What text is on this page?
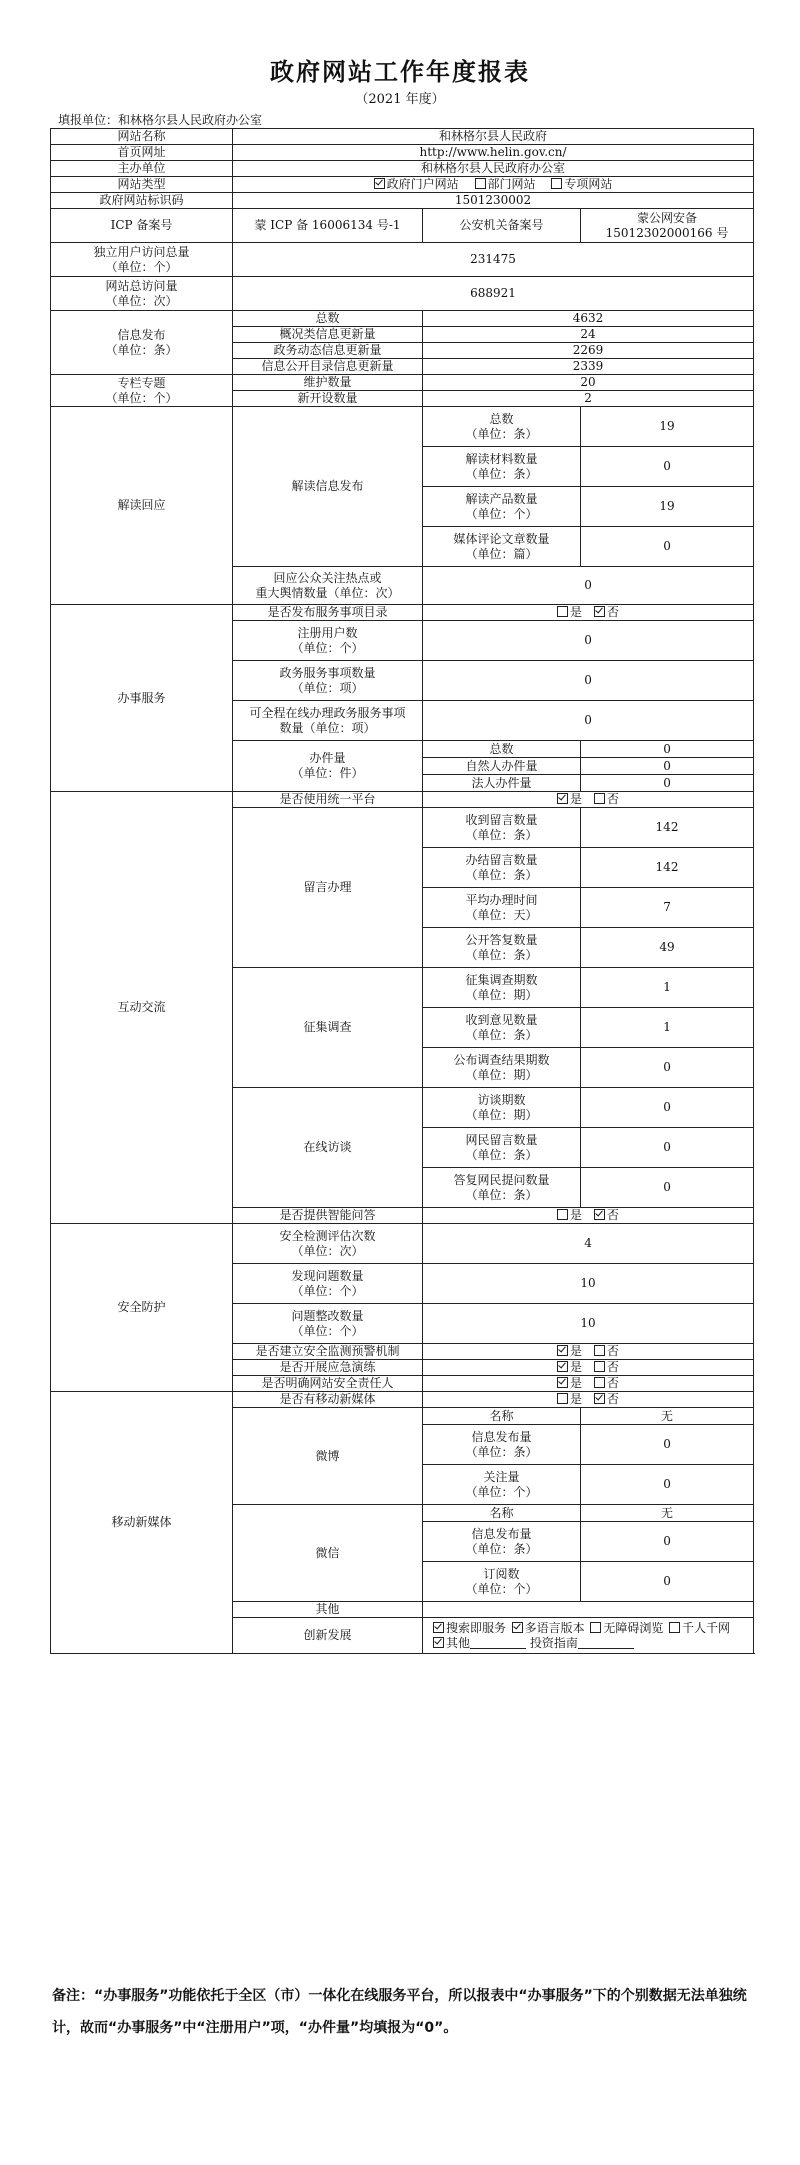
政府网站工作年度报表
（2021 年度）
填报单位：和林格尔县人民政府办公室
网站名称	和林格尔县人民政府		
首页网址	http://www.helin.gov.cn/		
主办单位	和林格尔县人民政府办公室		
网站类型	政府门户网站 部门网站 专项网站		
政府网站标识码	1501230002		
ICP 备案号	蒙 ICP 备 16006134 号-1	公安机关备案号	蒙公网安备
15012302000166 号

独立用户访问总量
（单位：个）	231475		

网站总访问量
（单位：次）	688921		

信息发布
（单位：条）	总数	4632	
	概况类信息更新量	24	
	政务动态信息更新量	2269	
	信息公开目录信息更新量	2339	

专栏专题
（单位：个）	维护数量	20	
	新开设数量	2	
解读回应	解读信息发布	总数
（单位：条）	19

		解读材料数量
（单位：条）	0

		解读产品数量
（单位：个）	19

		媒体评论文章数量
（单位：篇）	0

	回应公众关注热点或
重大舆情数量（单位：次）	0	
办事服务	是否发布服务事项目录	是 否	

	注册用户数
（单位：个）	0	

	政务服务事项数量
（单位：项）	0	

	可全程在线办理政务服务事项
数量（单位：项）	0	

	办件量
（单位：件）	总数	0
		自然人办件量	0
		法人办件量	0
互动交流	是否使用统一平台	是 否	
	留言办理	收到留言数量
（单位：条）	142

		办结留言数量
（单位：条）	142

		平均办理时间
（单位：天）	7

		公开答复数量
（单位：条）	49
	征集调查	征集调查期数
（单位：期）	1

		收到意见数量
（单位：条）	1

		公布调查结果期数
（单位：期）	0
	在线访谈	访谈期数
（单位：期）	0

		网民留言数量
（单位：条）	0

		答复网民提问数量
（单位：条）	0
	是否提供智能问答	是 否	
安全防护	安全检测评估次数
（单位：次）	4	

	发现问题数量
（单位：个）	10	

	问题整改数量
（单位：个）	10	
	是否建立安全监测预警机制	是 否	
	是否开展应急演练	是 否	
	是否明确网站安全责任人	是 否	
移动新媒体	是否有移动新媒体	是 否	
	微博	名称	无

		信息发布量
（单位：条）	0

		关注量
（单位：个）	0
	微信	名称	无

		信息发布量
（单位：条）	0

		订阅数
（单位：个）	0
	其他		
	创新发展	搜索即服务 多语言版本 无障碍浏览 千人千网
其他 投资指南	
备注：“办事服务”功能依托于全区（市）一体化在线服务平台，所以报表中“办事服务”下的个别数据无法单独统计，故而“办事服务”中“注册用户”项，“办件量”均填报为“0”。
